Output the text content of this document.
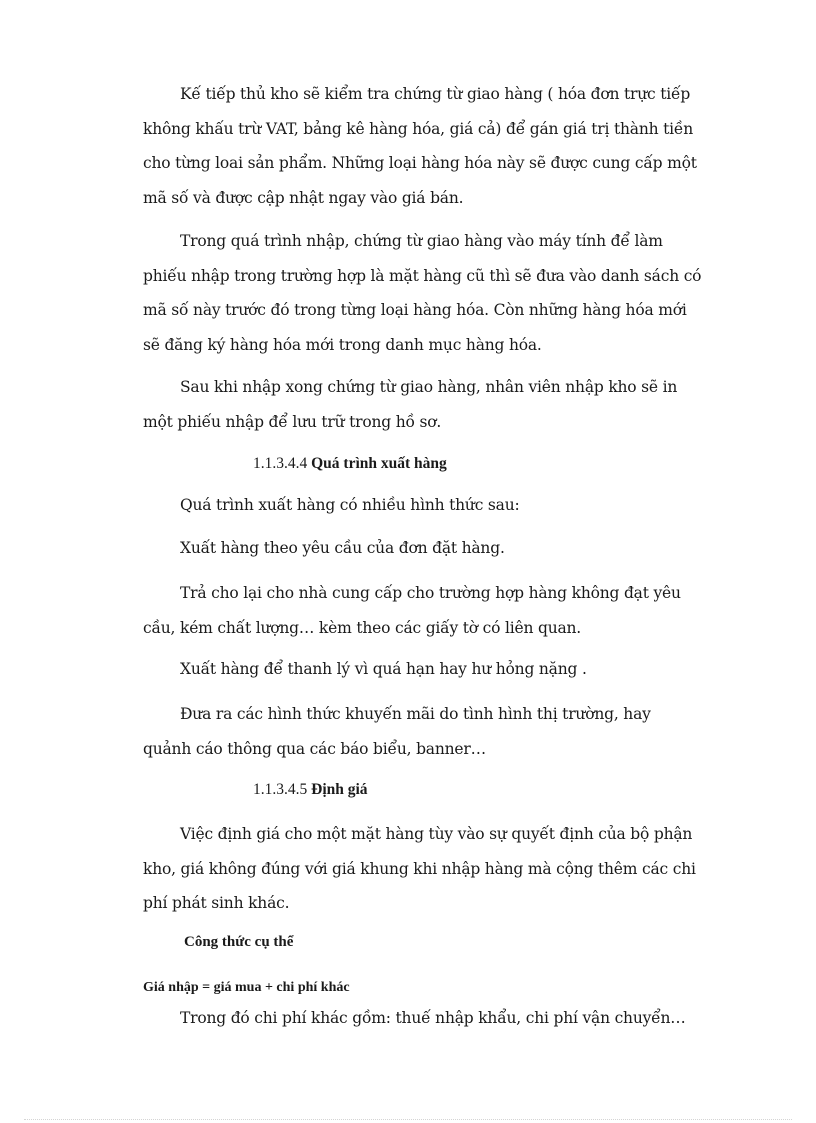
Kế tiếp thủ kho sẽ kiểm tra chứng từ giao hàng ( hóa đơn trực tiếp không khấu trừ VAT, bảng kê hàng hóa, giá cả) để gán giá trị thành tiền cho từng loai sản phẩm. Những loại hàng hóa này sẽ được cung cấp một mã số và được cập nhật ngay vào giá bán.

Trong quá trình nhập, chứng từ giao hàng vào máy tính để làm phiếu nhập trong trường hợp là mặt hàng cũ thì sẽ đưa vào danh sách có mã số này trước đó trong từng loại hàng hóa. Còn những hàng hóa mới sẽ đăng ký hàng hóa mới trong danh mục hàng hóa.

Sau khi nhập xong chứng từ giao hàng, nhân viên nhập kho sẽ in một phiếu nhập để lưu trữ trong hồ sơ.

1.1.3.4.4 Quá trình xuất hàng
Quá trình xuất hàng có nhiều hình thức sau:
Xuất hàng theo yêu cầu của đơn đặt hàng.

Trả cho lại cho nhà cung cấp cho trường hợp hàng không đạt yêu cầu, kém chất lượng… kèm theo các giấy tờ có liên quan.

Xuất hàng để thanh lý vì quá hạn hay hư hỏng nặng .

Đưa ra các hình thức khuyến mãi do tình hình thị trường, hay quảnh cáo thông qua các báo biểu, banner…

1.1.3.4.5 Định giá

Việc định giá cho một mặt hàng tùy vào sự quyết định của bộ phận kho, giá không đúng với giá khung khi nhập hàng mà cộng thêm các chi phí phát sinh khác.

Công thức cụ thể
Giá nhập = giá mua + chi phí khác
Trong đó chi phí khác gồm: thuế nhập khẩu, chi phí vận chuyển…
